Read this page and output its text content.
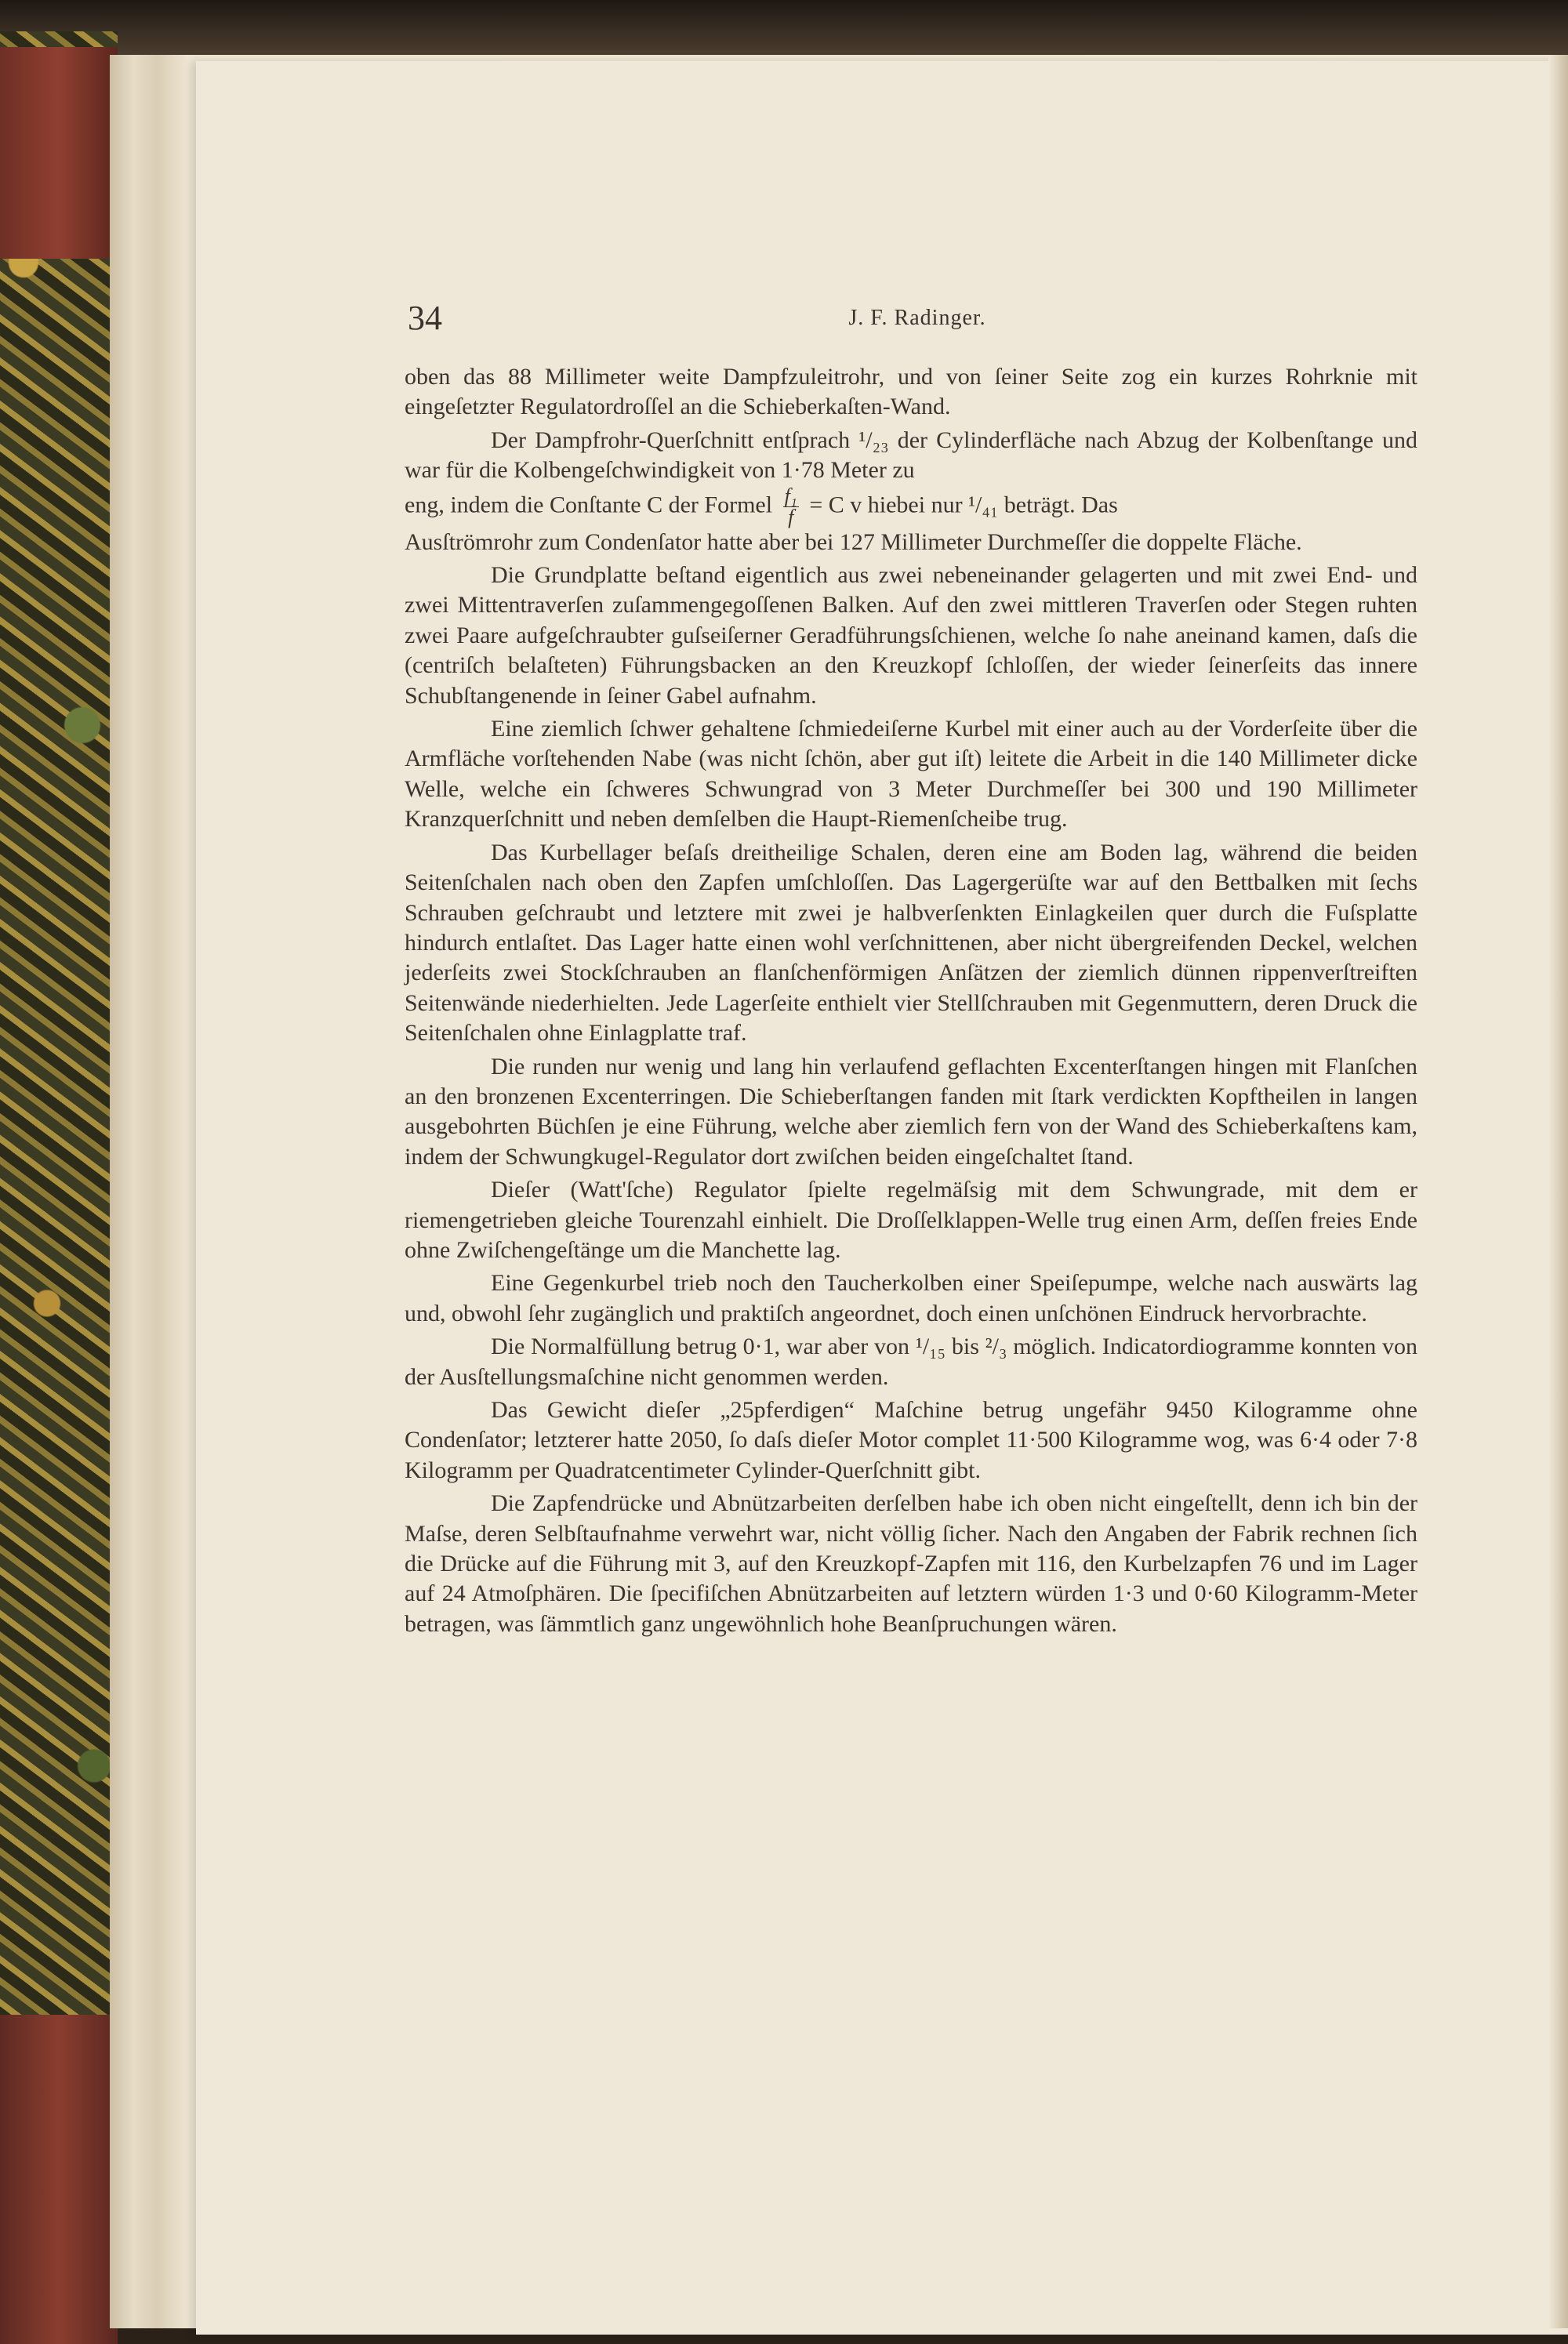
34	J. F. Radinger.

oben das 88 Millimeter weite Dampfzuleitrohr, und von ſeiner Seite zog ein kurzes Rohrknie mit eingeſetzter Regulatordroſſel an die Schieberkaſten-Wand.

Der Dampfrohr-Querſchnitt entſprach ¹/₂₃ der Cylinderfläche nach Abzug der Kolbenſtange und war für die Kolbengeſchwindigkeit von 1·78 Meter zu

eng, indem die Conſtante C der Formel $\frac{\text{f₁}}{f} = C$ v hiebei nur ¹/₄₁ beträgt. Das

Ausſtrömrohr zum Condenſator hatte aber bei 127 Millimeter Durchmeſſer die doppelte Fläche.

Die Grundplatte beſtand eigentlich aus zwei nebeneinander gelagerten und mit zwei End- und zwei Mittentraverſen zuſammengegoſſenen Balken. Auf den zwei mittleren Traverſen oder Stegen ruhten zwei Paare aufgeſchraubter guſseiſerner Geradführungsſchienen, welche ſo nahe aneinand kamen, daſs die (centriſch belaſteten) Führungsbacken an den Kreuzkopf ſchloſſen, der wieder ſeinerſeits das innere Schubſtangenende in ſeiner Gabel aufnahm.

Eine ziemlich ſchwer gehaltene ſchmiedeiſerne Kurbel mit einer auch au der Vorderſeite über die Armfläche vorſtehenden Nabe (was nicht ſchön, aber gut iſt) leitete die Arbeit in die 140 Millimeter dicke Welle, welche ein ſchweres Schwungrad von 3 Meter Durchmeſſer bei 300 und 190 Millimeter Kranzquerſchnitt und neben demſelben die Haupt-Riemenſcheibe trug.

Das Kurbellager beſaſs dreitheilige Schalen, deren eine am Boden lag, während die beiden Seitenſchalen nach oben den Zapfen umſchloſſen. Das Lagergerüſte war auf den Bettbalken mit ſechs Schrauben geſchraubt und letztere mit zwei je halbverſenkten Einlagkeilen quer durch die Fuſsplatte hindurch entlaſtet. Das Lager hatte einen wohl verſchnittenen, aber nicht übergreifenden Deckel, welchen jederſeits zwei Stockſchrauben an flanſchenförmigen Anſätzen der ziemlich dünnen rippenverſtreiften Seitenwände niederhielten. Jede Lagerſeite enthielt vier Stellſchrauben mit Gegenmuttern, deren Druck die Seitenſchalen ohne Einlagplatte traf.

Die runden nur wenig und lang hin verlaufend geflachten Excenterſtangen hingen mit Flanſchen an den bronzenen Excenterringen. Die Schieberſtangen fanden mit ſtark verdickten Kopftheilen in langen ausgebohrten Büchſen je eine Führung, welche aber ziemlich fern von der Wand des Schieberkaſtens kam, indem der Schwungkugel-Regulator dort zwiſchen beiden eingeſchaltet ſtand.

Dieſer (Watt'ſche) Regulator ſpielte regelmäſsig mit dem Schwungrade, mit dem er riemengetrieben gleiche Tourenzahl einhielt. Die Droſſelklappen-Welle trug einen Arm, deſſen freies Ende ohne Zwiſchengeſtänge um die Manchette lag.

Eine Gegenkurbel trieb noch den Taucherkolben einer Speiſepumpe, welche nach auswärts lag und, obwohl ſehr zugänglich und praktiſch angeordnet, doch einen unſchönen Eindruck hervorbrachte.

Die Normalfüllung betrug 0·1, war aber von ¹/₁₅ bis ²/₃ möglich. Indicatordiogramme konnten von der Ausſtellungsmaſchine nicht genommen werden.

Das Gewicht dieſer „25pferdigen“ Maſchine betrug ungefähr 9450 Kilogramme ohne Condenſator; letzterer hatte 2050, ſo daſs dieſer Motor complet 11·500 Kilogramme wog, was 6·4 oder 7·8 Kilogramm per Quadratcentimeter Cylinder-Querſchnitt gibt.

Die Zapfendrücke und Abnützarbeiten derſelben habe ich oben nicht eingeſtellt, denn ich bin der Maſse, deren Selbſtaufnahme verwehrt war, nicht völlig ſicher. Nach den Angaben der Fabrik rechnen ſich die Drücke auf die Führung mit 3, auf den Kreuzkopf-Zapfen mit 116, den Kurbelzapfen 76 und im Lager auf 24 Atmoſphären. Die ſpecifiſchen Abnützarbeiten auf letztern würden 1·3 und 0·60 Kilogramm-Meter betragen, was ſämmtlich ganz ungewöhnlich hohe Beanſpruchungen wären.
